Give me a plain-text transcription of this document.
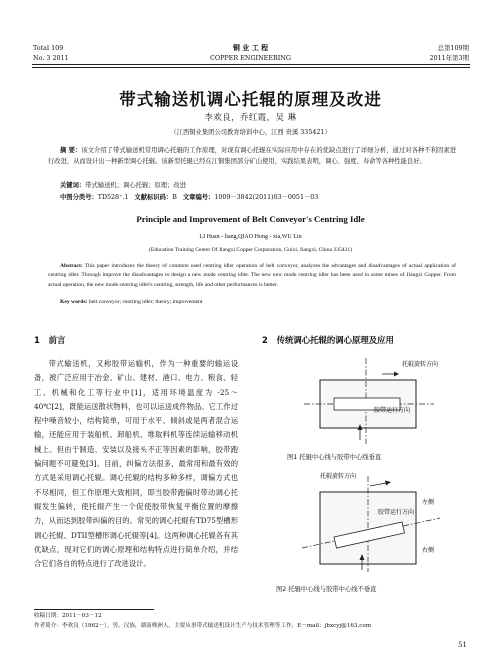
Total 109
No. 3 2011
铜 业 工 程
COPPER ENGINEERING
总第109期
2011年第3期
带式输送机调心托辊的原理及改进
李欢良，乔红霞，吴 琳
（江西铜业集团公司教育培训中心，江西 贵溪 335421）
摘 要：该文介绍了带式输送机常用调心托辊的工作原理，对现有调心托辊在实际应用中存在的优缺点进行了详细分析，通过对各种不利因素进行改进，从而设计出一种新型调心托辊。该新型托辊已经在江铜集团部分矿山使用，实践结果表明，调心、强度、寿命等各种性能良好。
关键词：带式输送机；调心托辊；原理；改进
中图分类号：TD528⁺.1 文献标识码：B 文章编号：1009－3842(2011)03－0051－03
Principle and Improvement of Belt Conveyor's Centring Idle
LI Huan - liang,QIAO Hong - xia,WU Lin
(Education Training Center Of Jiangxi Copper Corporation, Guixi, Jiangxi, China 335421)
Abstract: This paper introduces the theory of common used centring idler operation of belt conveyor, analyzes the advantages and disadvantages of actual application of centring idler. Through improve the disadvantages to design a new mode centring idler. The new new mode centring idler has been used in some mines of Jiangxi Copper. From actual operation, the new mode centring idler's centring, strength, life and other performances is better.
Key words: belt conveyor; centring idler; theory; improvement
1 前言
带式输送机，又称胶带运输机，作为一种重要的输运设备，被广泛应用于冶金、矿山、建材、港口、电力、粮食、轻工、机械和化工等行业中[1]，适用环境温度为 -25～40℃[2]，既能运送散状物料，也可以运送成件物品。它工作过程中噪音较小，结构简单，可用于水平、倾斜或是两者混合运输，还能应用于装船机、卸船机、堆取料机等连续运输移动机械上。但由于制造、安装以及接头不正等因素的影响，胶带跑偏问题不可避免[3]。目前，纠偏方法很多，最常用和最有效的方式是采用调心托辊。调心托辊的结构多种多样，调偏方式也不尽相同，但工作原理大致相同，即当胶带跑偏时带动调心托辊发生偏转，使托辊产生一个促使胶带恢复平衡位置的摩擦力，从而达到胶带纠偏的目的。常见的调心托辊有TD75型槽形调心托辊、DTII型槽形调心托辊等[4]。这两种调心托辊各有其优缺点，现对它们的调心原理和结构特点进行简单介绍，并结合它们各自的特点进行了改进设计。
2 传统调心托辊的调心原理及应用
托辊旋转方向
胶带运行方向
图1 托辊中心线与胶带中心线垂直
托辊旋转方向
左侧
胶带运行方向
右侧
图2 托辊中心线与胶带中心线不垂直
收稿日期：2011－03－12
作者简介：李欢良（1962－），男，汉族，湖南株洲人，主要从事带式输送机设计生产与技术管理等工作，E－mail：jhxcyj@163.com
51
